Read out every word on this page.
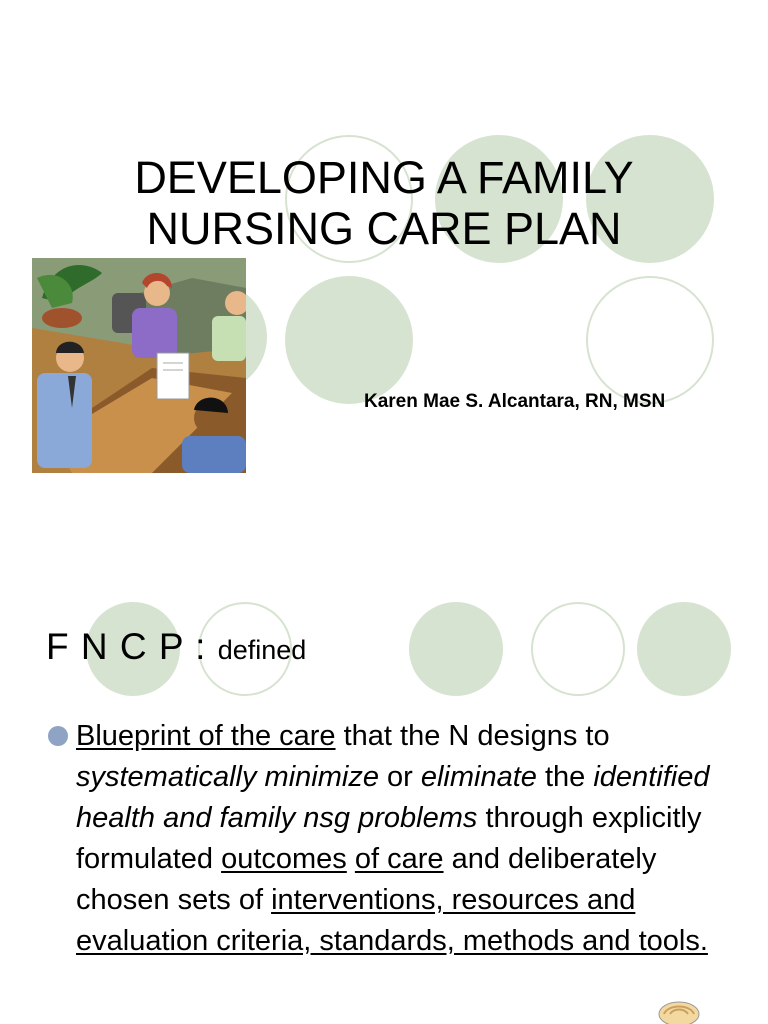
DEVELOPING A FAMILY
NURSING CARE PLAN
Karen Mae S. Alcantara, RN, MSN
F N C P : defined
Blueprint of the care that the N designs to systematically minimize or eliminate the identified health and family nsg problems through explicitly formulated outcomes of care and deliberately chosen sets of interventions, resources and evaluation criteria, standards, methods and tools.
